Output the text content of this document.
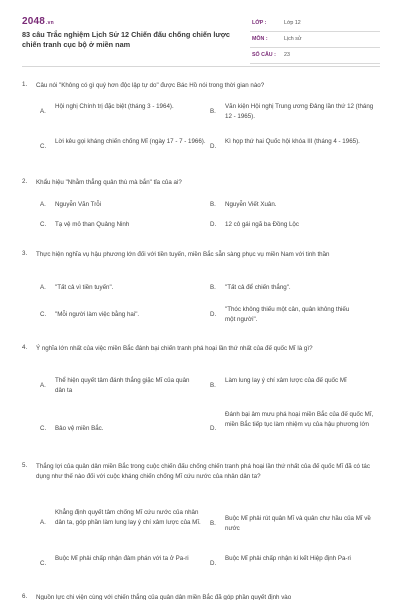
2048.vn
83 câu Trắc nghiệm Lịch Sử 12 Chiến đấu chống chiến lược chiến tranh cục bộ ở miền nam
LỚP :	Lớp 12
MÔN :	Lịch sử
SỐ CÂU : 23
1. Câu nói "Không có gì quý hơn độc lập tự do" được Bác Hồ nói trong thời gian nào?
A.
Hội nghị Chính trị đặc biệt (tháng 3 - 1964).
B.
Văn kiện Hội nghị Trung ương Đảng lần thứ 12 (tháng 12 - 1965).
C.
Lời kêu gọi kháng chiến chống Mĩ (ngày 17 - 7 - 1966).
D.
Kì họp thứ hai Quốc hội khóa III (tháng 4 - 1965).
2. Khẩu hiệu "Nhằm thẳng quân thù mà bắn" tỉa của ai?
A. Nguyễn Văn Trỗi	B. Nguyễn Viết Xuân.
C. Tạ vệ mỏ than Quảng Ninh	D. 12 cô gái ngã ba Đồng Lộc
3. Thực hiện nghĩa vụ hậu phương lớn đối với tiền tuyến, miền Bắc sẵn sàng phục vụ miền Nam với tinh thần
A. "Tất cả vì tiền tuyến".	B. "Tất cả để chiến thắng".
C. "Mỗi người làm việc bằng hai".	D.
"Thóc không thiếu một cân, quân không thiếu một người".
4. Ý nghĩa lớn nhất của việc miền Bắc đánh bại chiến tranh phá hoại lần thứ nhất của đế quốc Mĩ là gì?
A.
Thể hiện quyết tâm đánh thắng giặc Mĩ của quân dân ta
B.
Làm lung lay ý chí xâm lược của đế quốc Mĩ
C. Bảo vệ miền Bắc.	D.
Đánh bại âm mưu phá hoại miền Bắc của đế quốc Mĩ, miền Bắc tiếp tục làm nhiệm vụ của hậu phương lớn
5. Thắng lợi của quân dân miền Bắc trong cuộc chiến đấu chống chiến tranh phá hoại lần thứ nhất của đế quốc Mĩ đã có tác dụng như thế nào đối với cuộc kháng chiến chống Mĩ cứu nước của nhân dân ta?
A.
Khẳng định quyết tâm chống Mĩ cứu nước của nhân dân ta, góp phần làm lung lay ý chí xâm lược của Mĩ.	B.
Buộc Mĩ phải rút quân Mĩ và quân chư hầu của Mĩ về nước
C.
Buộc Mĩ phải chấp nhận đàm phán với ta ở Pa-ri
D.
Buộc Mĩ phải chấp nhận kí kết Hiệp định Pa-ri
6. Nguồn lực chi viện cùng với chiến thắng của quân dân miền Bắc đã góp phần quyết định vào
